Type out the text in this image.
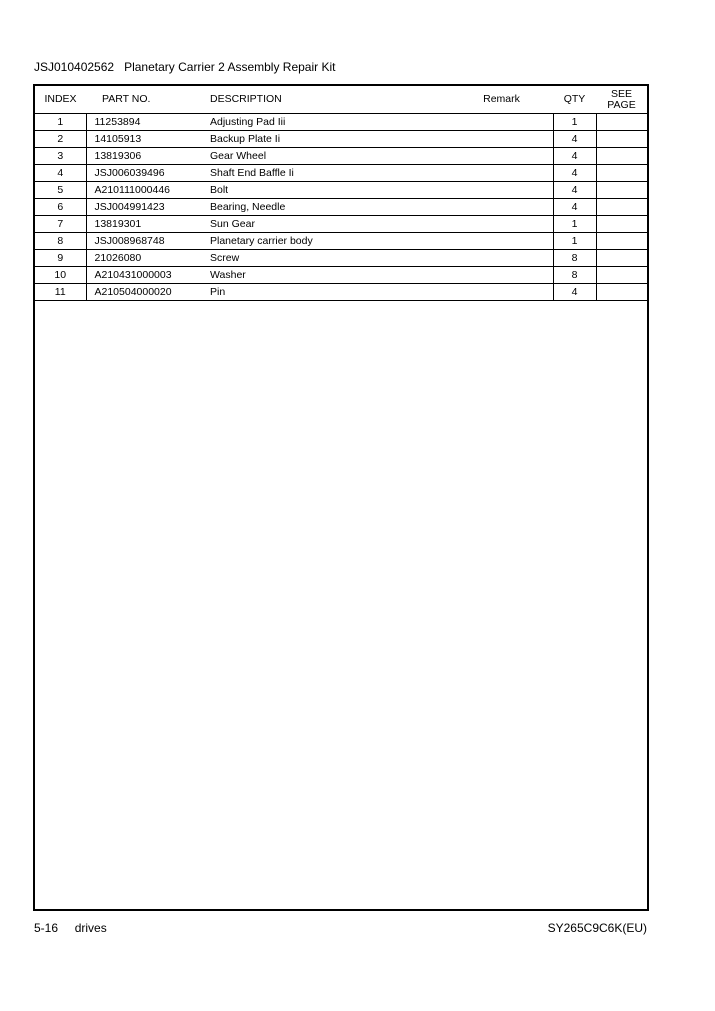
JSJ010402562   Planetary Carrier 2 Assembly Repair Kit
INDEX	PART NO.	DESCRIPTION	Remark	QTY	SEE
PAGE

1	11253894	Adjusting Pad Iii		1	
2	14105913	Backup Plate Ii		4	
3	13819306	Gear Wheel		4	
4	JSJ006039496	Shaft End Baffle Ii		4	
5	A210111000446	Bolt		4	
6	JSJ004991423	Bearing, Needle		4	
7	13819301	Sun Gear		1	
8	JSJ008968748	Planetary carrier body		1	
9	21026080	Screw		8	
10	A210431000003	Washer		8	
11	A210504000020	Pin		4	
5-16     drives	SY265C9C6K(EU)
